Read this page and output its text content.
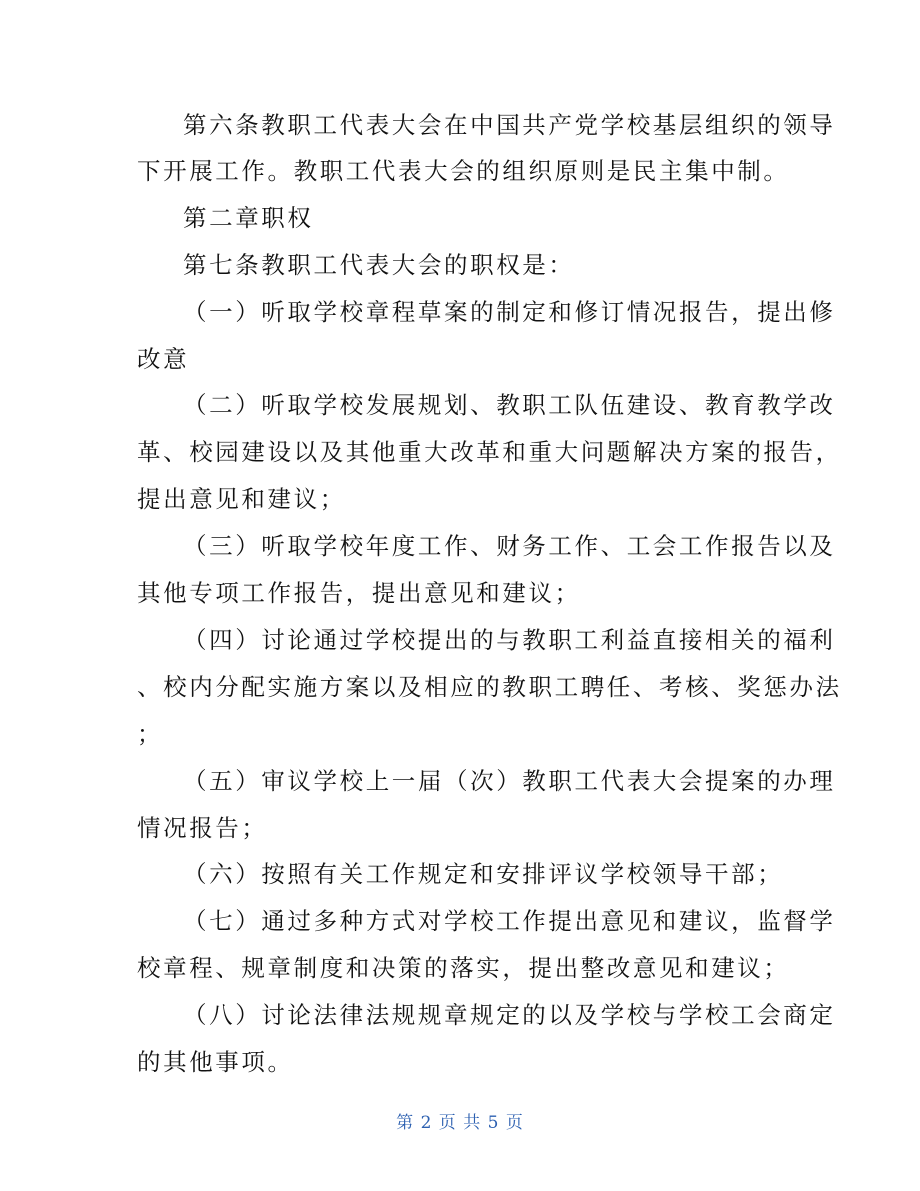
第六条教职工代表大会在中国共产党学校基层组织的领导
下开展工作。教职工代表大会的组织原则是民主集中制。
第二章职权
第七条教职工代表大会的职权是：
（一）听取学校章程草案的制定和修订情况报告，提出修
改意
（二）听取学校发展规划、教职工队伍建设、教育教学改
革、校园建设以及其他重大改革和重大问题解决方案的报告，
提出意见和建议；
（三）听取学校年度工作、财务工作、工会工作报告以及
其他专项工作报告，提出意见和建议；
（四）讨论通过学校提出的与教职工利益直接相关的福利
、校内分配实施方案以及相应的教职工聘任、考核、奖惩办法
；
（五）审议学校上一届（次）教职工代表大会提案的办理
情况报告；
（六）按照有关工作规定和安排评议学校领导干部；
（七）通过多种方式对学校工作提出意见和建议，监督学
校章程、规章制度和决策的落实，提出整改意见和建议；
（八）讨论法律法规规章规定的以及学校与学校工会商定
的其他事项。
第 2 页 共 5 页
